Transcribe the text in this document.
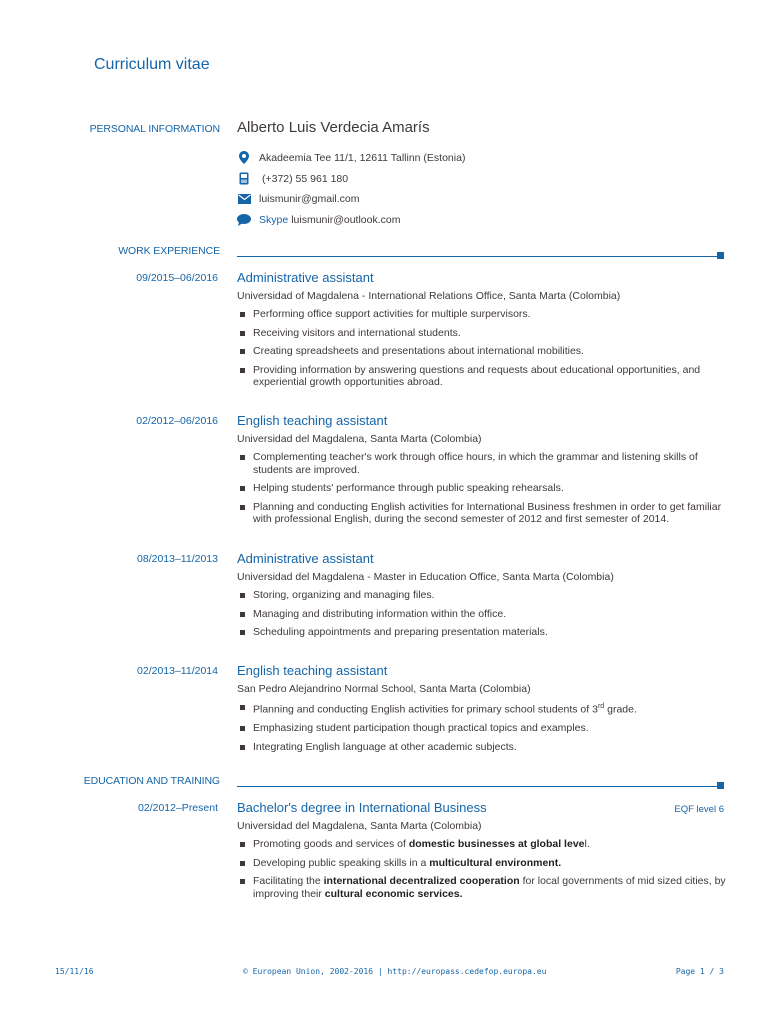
Curriculum vitae
PERSONAL INFORMATION Alberto Luis Verdecia Amarís
Akadeemia Tee 11/1, 12611 Tallinn (Estonia)
(+372) 55 961 180
luismunir@gmail.com
Skype luismunir@outlook.com
WORK EXPERIENCE
09/2015–06/2016 Administrative assistant
Universidad of Magdalena - International Relations Office, Santa Marta (Colombia)
Performing office support activities for multiple surpervisors.
Receiving visitors and international students.
Creating spreadsheets and presentations about international mobilities.
Providing information by answering questions and requests about educational opportunities, and experiential growth opportunities abroad.
02/2012–06/2016 English teaching assistant
Universidad del Magdalena, Santa Marta (Colombia)
Complementing teacher's work through office hours, in which the grammar and listening skills of students are improved.
Helping students' performance through public speaking rehearsals.
Planning and conducting English activities for International Business freshmen in order to get familiar with professional English, during the second semester of 2012 and first semester of 2014.
08/2013–11/2013 Administrative assistant
Universidad del Magdalena - Master in Education Office, Santa Marta (Colombia)
Storing, organizing and managing files.
Managing and distributing information within the office.
Scheduling appointments and preparing presentation materials.
02/2013–11/2014 English teaching assistant
San Pedro Alejandrino Normal School, Santa Marta (Colombia)
Planning and conducting English activities for primary school students of 3rd grade.
Emphasizing student participation though practical topics and examples.
Integrating English language at other academic subjects.
EDUCATION AND TRAINING
02/2012–Present Bachelor's degree in International Business	EQF level 6
Universidad del Magdalena, Santa Marta (Colombia)
Promoting goods and services of domestic businesses at global level.
Developing public speaking skills in a multicultural environment.
Facilitating the international decentralized cooperation for local governments of mid sized cities, by improving their cultural economic services.
15/11/16	© European Union, 2002-2016 | http://europass.cedefop.europa.eu	Page 1 / 3
